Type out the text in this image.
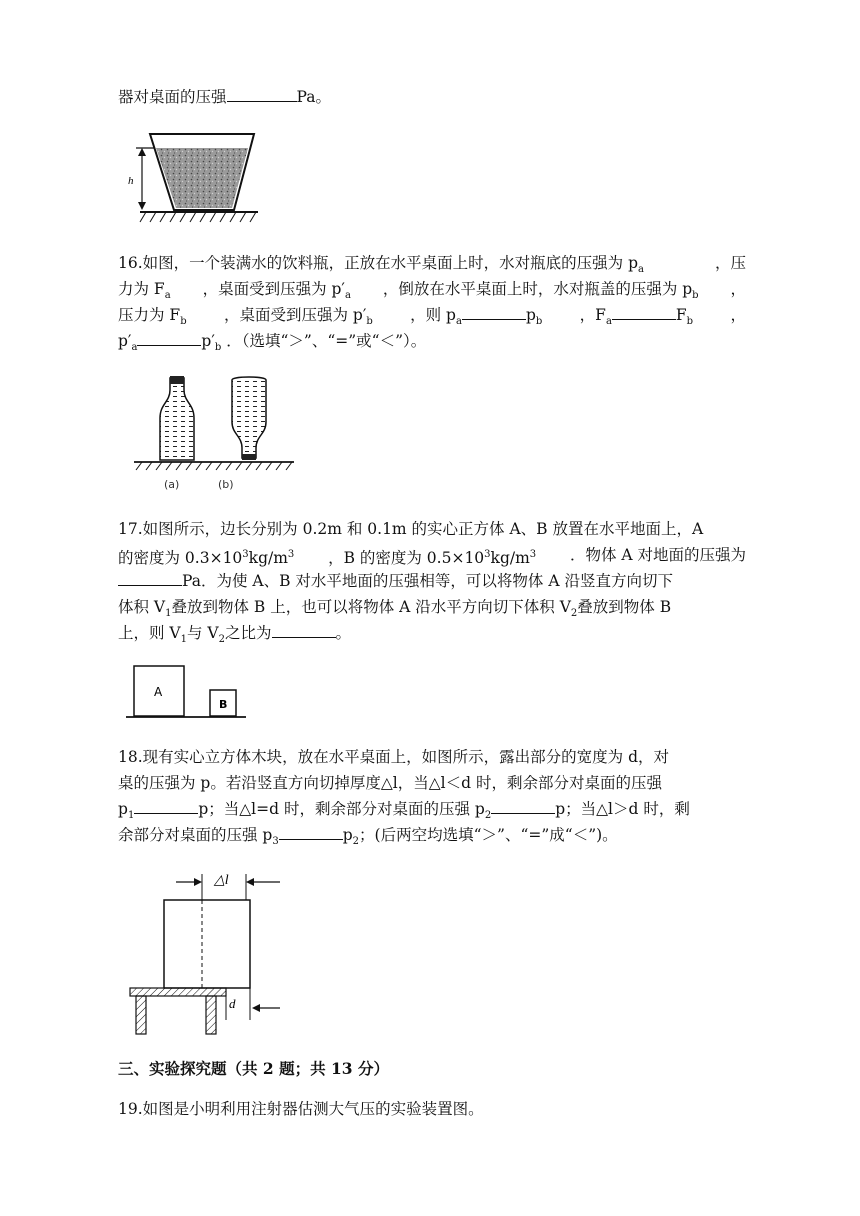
器对桌面的压强	Pa。
h
16.如图，一个装满水的饮料瓶，正放在水平桌面上时，水对瓶底的压强为 $p_a$	，压
力为 $F_a$ ，桌面受到压强为 $p'_a$ ，倒放在水平桌面上时，水对瓶盖的压强为 $p_b$ ，
压力为 $F_b$ ，桌面受到压强为 $p'_b$ ，则 $p_a$	$p_b$ ，$F_a$	$F_b$ ，
$p'_a$	$p'_b$ ．（选填“＞”、“=”或“＜”）。
(a)	(b)
17.如图所示，边长分别为 0.2m 和 0.1m 的实心正方体 A、B 放置在水平地面上，A
的密度为 $0.3\times 10^3kg/m^3$ ，B 的密度为 $0.5\times 10^3kg/m^3$ ．物体 A 对地面的压强为
Pa．为使 A、B 对水平地面的压强相等，可以将物体 A 沿竖直方向切下
体积 $V_1$叠放到物体 B 上，也可以将物体 A 沿水平方向切下体积 $V_2$叠放到物体 B
上，则 $V_1$与 $V_2$之比为	。
A
B
18.现有实心立方体木块，放在水平桌面上，如图所示，露出部分的宽度为 d，对
桌的压强为 p。若沿竖直方向切掉厚度△l，当△l＜d 时，剩余部分对桌面的压强
$p_1$	p；当△l=d 时，剩余部分对桌面的压强 $p_2$	p；当△l＞d 时，剩
余部分对桌面的压强 $p_3$	$p_2$；(后两空均选填“＞”、“=”成“＜”)。
△l
d
三、实验探究题（共 2 题；共 13 分）
19.如图是小明利用注射器估测大气压的实验装置图。
